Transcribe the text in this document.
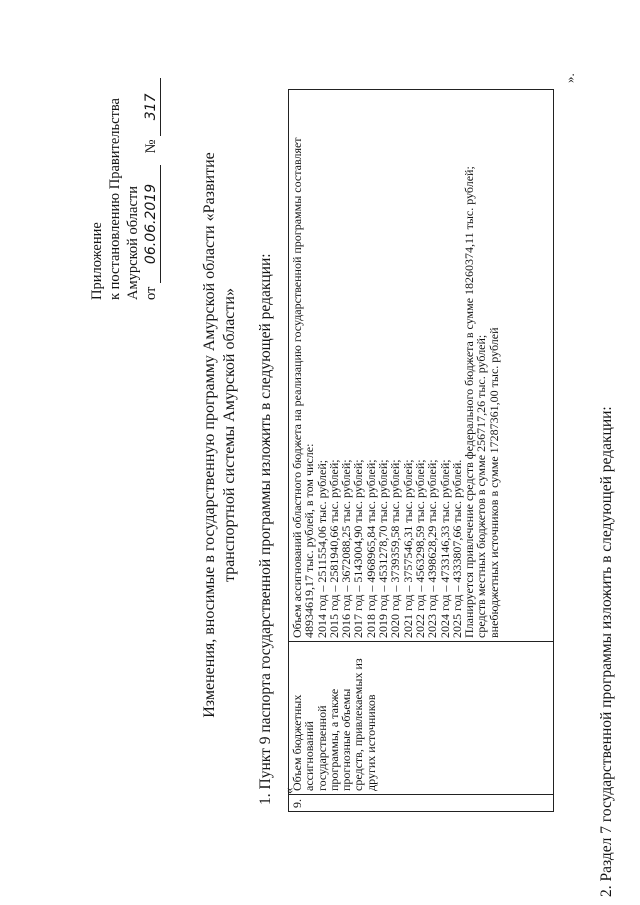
Приложение к постановлению Правительства Амурской области от 06.06.2019 № 317
Изменения, вносимые в государственную программу Амурской области «Развитие транспортной системы Амурской области» 1. Пункт 9 паспорта государственной программы изложить в следующей редакции: «
9.	Объем бюджетных ассигнований государственной программы, а также прогнозные объемы средств, привлекаемых из других источников	
Объем ассигнований областного бюджета на реализацию государственной программы составляет
48934619,17 тыс. рублей, в том числе:
2014 год – 2511554,06 тыс. рублей;
2015 год – 2581940,66 тыс. рублей;
2016 год – 3672088,25 тыс. рублей;
2017 год – 5143004,90 тыс. рублей;
2018 год – 4968965,84 тыс. рублей;
2019 год – 4531278,70 тыс. рублей;
2020 год – 3739359,58 тыс. рублей;
2021 год – 3757546,31 тыс. рублей;
2022 год – 4563298,59 тыс. рублей;
2023 год – 4398628,29 тыс. рублей;
2024 год – 4733146,33 тыс. рублей;
2025 год – 4333807,66 тыс. рублей.
Планируется привлечение средств федерального бюджета в сумме 18260374,11 тыс. рублей;
средств местных бюджетов в сумме 256717,26 тыс. рублей;
внебюджетных источников в сумме 17287361,00 тыс. рублей
».
2. Раздел 7 государственной программы изложить в следующей редакции:
